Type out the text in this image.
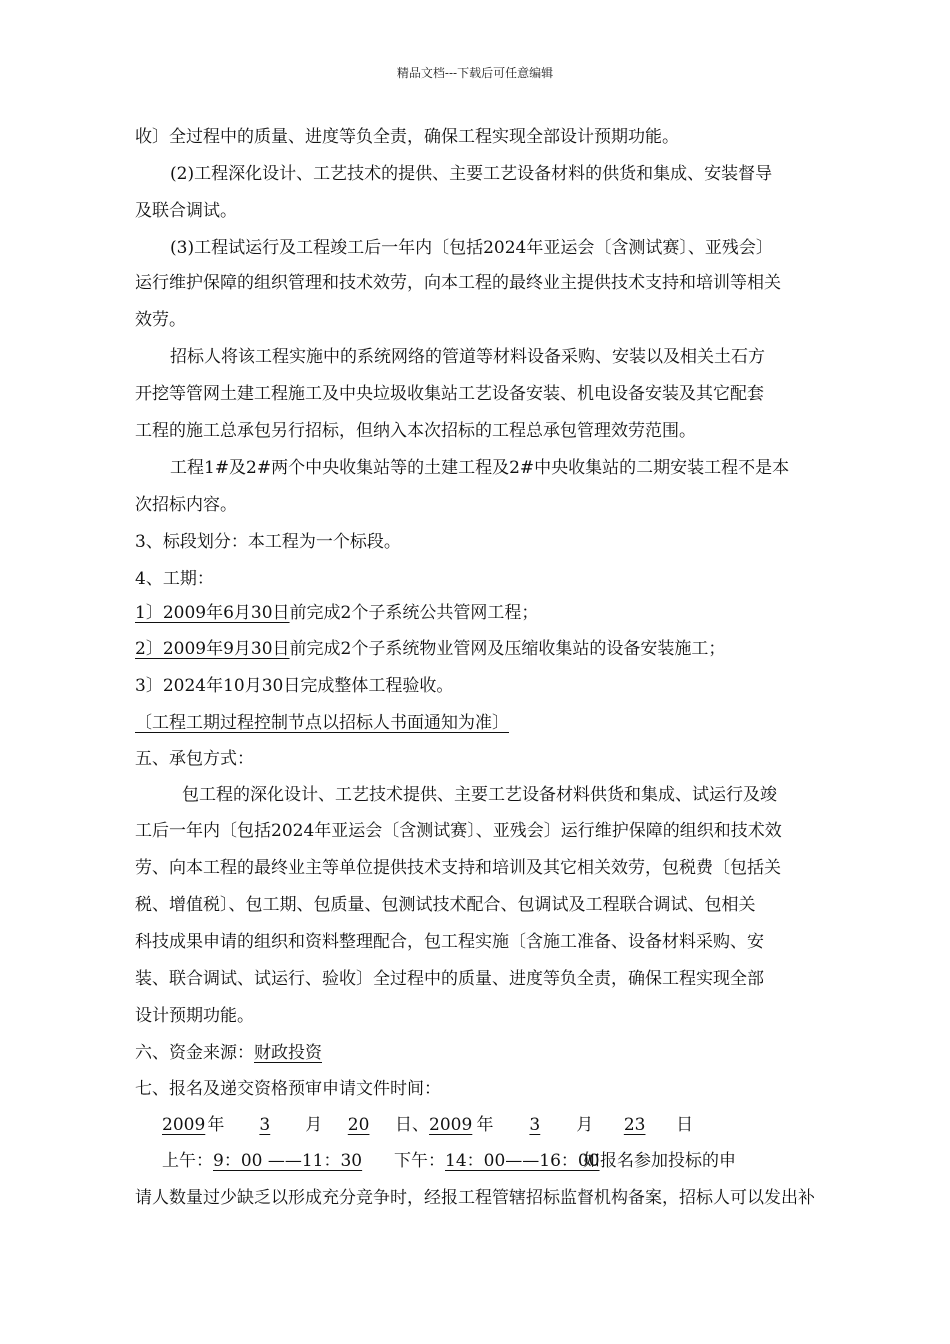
精品文档---下载后可任意编辑
收〕全过程中的质量、进度等负全责，确保工程实现全部设计预期功能。
(2)工程深化设计、工艺技术的提供、主要工艺设备材料的供货和集成、安装督导
及联合调试。
(3)工程试运行及工程竣工后一年内〔包括2024年亚运会〔含测试赛〕、亚残会〕
运行维护保障的组织管理和技术效劳，向本工程的最终业主提供技术支持和培训等相关
效劳。
招标人将该工程实施中的系统网络的管道等材料设备采购、安装以及相关土石方
开挖等管网土建工程施工及中央垃圾收集站工艺设备安装、机电设备安装及其它配套
工程的施工总承包另行招标，但纳入本次招标的工程总承包管理效劳范围。
工程1#及2#两个中央收集站等的土建工程及2#中央收集站的二期安装工程不是本
次招标内容。
3、标段划分：本工程为一个标段。
4、工期：
1〕2009年6月30日前完成2个子系统公共管网工程；
2〕2009年9月30日前完成2个子系统物业管网及压缩收集站的设备安装施工；
3〕2024年10月30日完成整体工程验收。
〔工程工期过程控制节点以招标人书面通知为准〕
五、承包方式：
包工程的深化设计、工艺技术提供、主要工艺设备材料供货和集成、试运行及竣
工后一年内〔包括2024年亚运会〔含测试赛〕、亚残会〕运行维护保障的组织和技术效
劳、向本工程的最终业主等单位提供技术支持和培训及其它相关效劳，包税费〔包括关
税、增值税〕、包工期、包质量、包测试技术配合、包调试及工程联合调试、包相关
科技成果申请的组织和资料整理配合，包工程实施〔含施工准备、设备材料采购、安
装、联合调试、试运行、验收〕全过程中的质量、进度等负全责，确保工程实现全部
设计预期功能。
六、资金来源：财政投资
七、报名及递交资格预审申请文件时间：
2009 年 3 月 20 日、2009 年 3 月 23 日
上午：9：00 ——11：30 下午：14：00——16：00如报名参加投标的申
请人数量过少缺乏以形成充分竞争时，经报工程管辖招标监督机构备案，招标人可以发出补
